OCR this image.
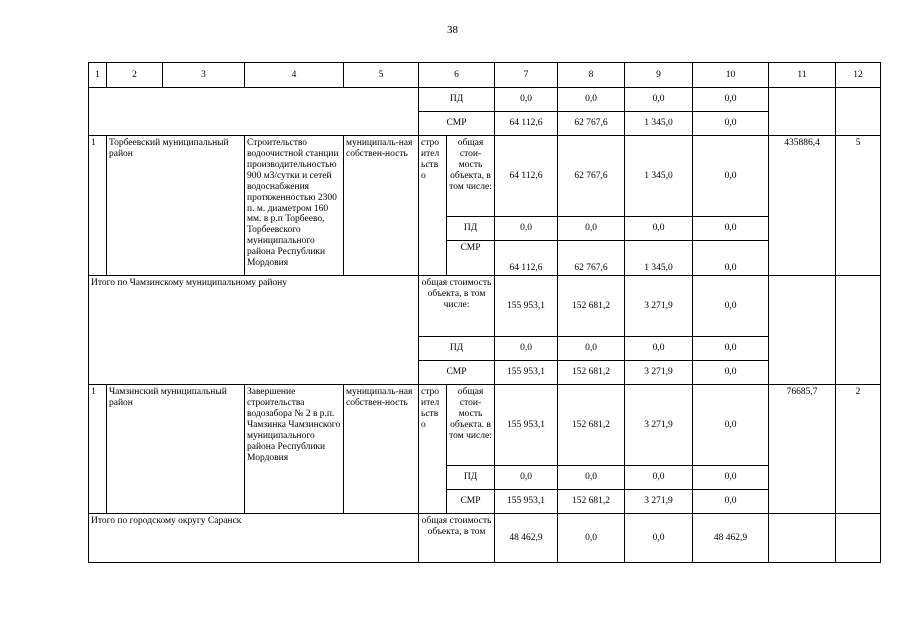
38
1	2	3	4	5	6		7	8	9	10	11	12
					ПД		0,0	0,0	0,0	0,0		
					СМР		64 112,6	62 767,6	1 345,0	0,0		
1	Торбеевский муниципальный район		Строительство водоочистной станции производительностью 900 м3/сутки и сетей водоснабжения протяженностью 2300 п. м. диаметром 160 мм. в р.п Торбеево, Торбеевского муниципального района Республики Мордовия	муниципаль-ная собствен-ность	стро ител ьств о	общая стои-мость объекта, в том числе:	64 112,6	62 767,6	1 345,0	0,0	435886,4	5
						ПД	0,0	0,0	0,0	0,0		
						СМР	64 112,6	62 767,6	1 345,0	0,0		
Итого по Чамзинскому муниципальному району					общая стоимость объекта, в том числе:		155 953,1	152 681,2	3 271,9	0,0		
					ПД		0,0	0,0	0,0	0,0		
					СМР		155 953,1	152 681,2	3 271,9	0,0		
1	Чамзинский муниципальный район		Завершение строительства водозабора № 2 в р.п. Чамзинка Чамзинского муниципального района Республики Мордовия	муниципаль-ная собствен-ность	стро ител ьств о	общая стои-мость объекта. в том числе:	155 953,1	152 681,2	3 271,9	0,0	76685,7	2
						ПД	0,0	0,0	0,0	0,0		
						СМР	155 953,1	152 681,2	3 271,9	0,0		
Итого по городскому округу Саранск					общая стоимость объекта, в том		48 462,9	0,0	0,0	48 462,9		
